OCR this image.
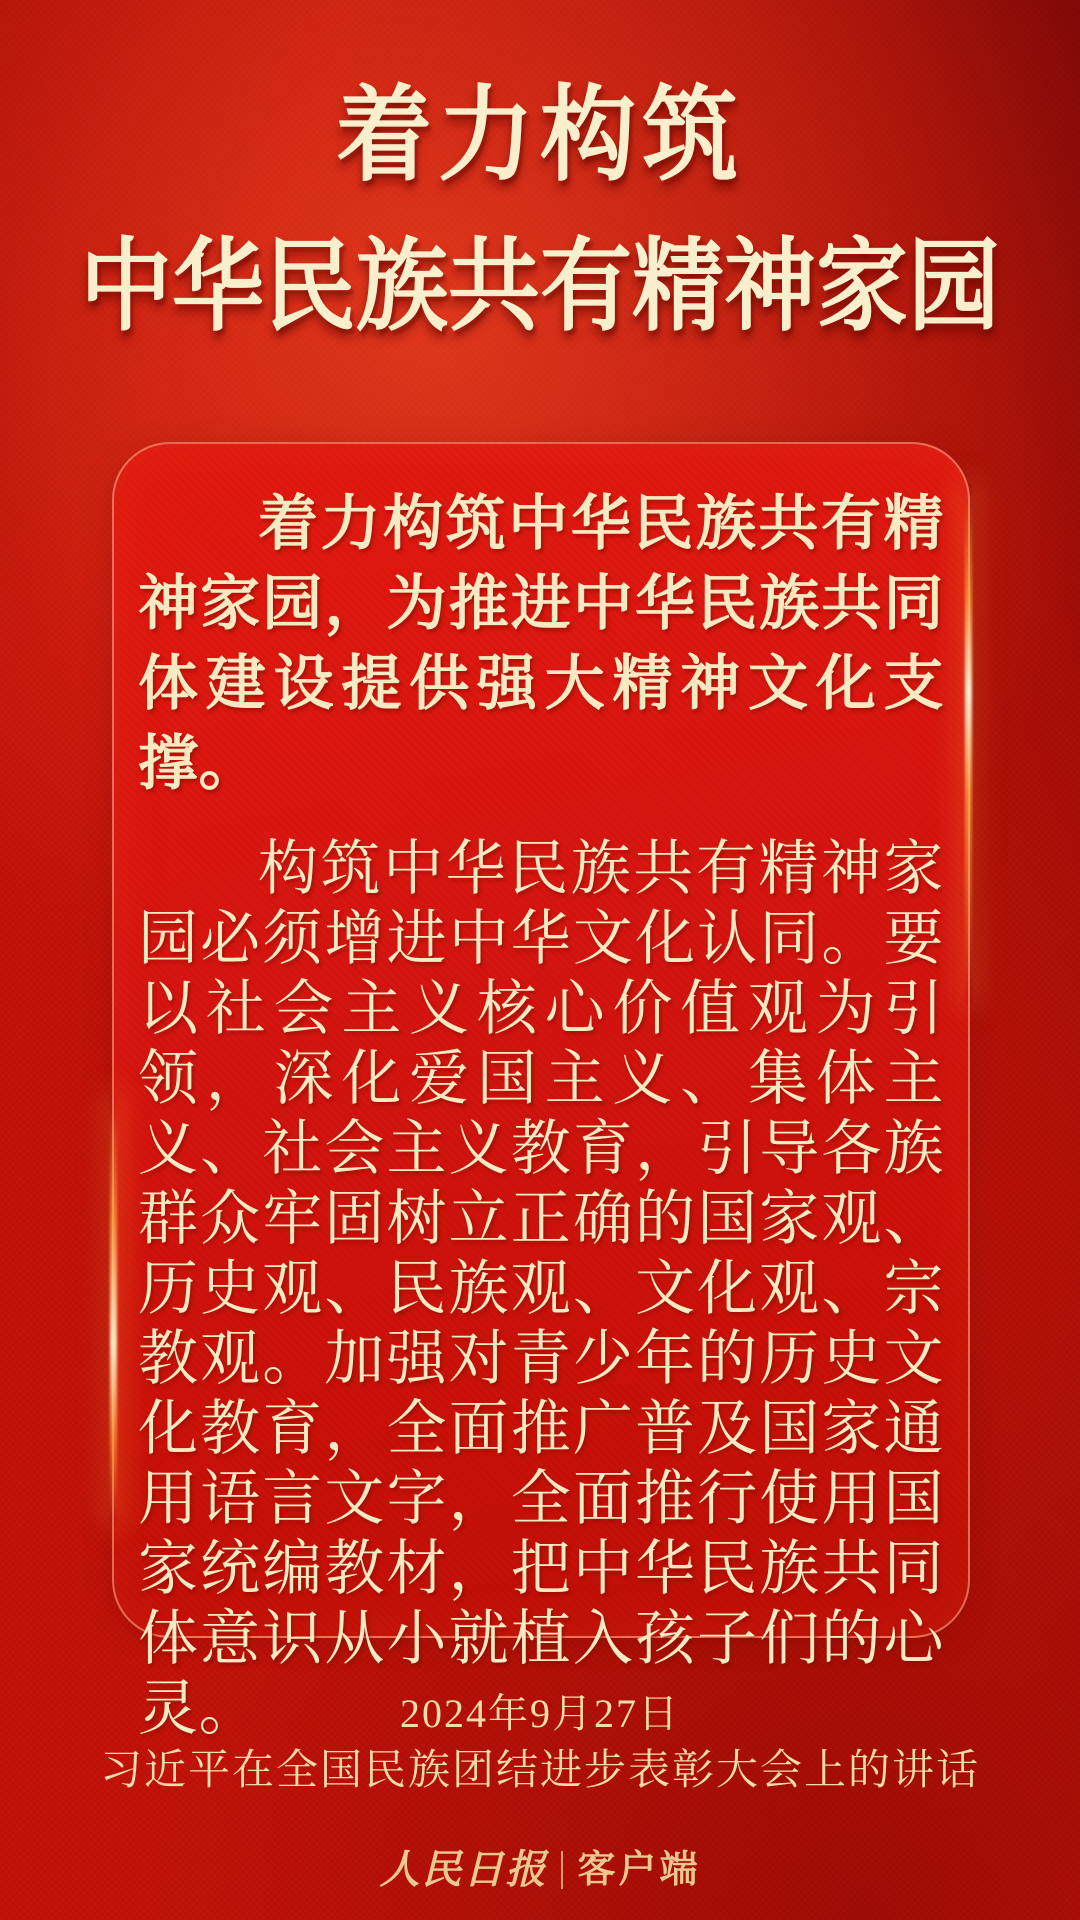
着力构筑
中华民族共有精神家园

着力构筑中华民族共有精神家园，为推进中华民族共同体建设提供强大精神文化支撑。

构筑中华民族共有精神家园必须增进中华文化认同。要以社会主义核心价值观为引领，深化爱国主义、集体主义、社会主义教育，引导各族群众牢固树立正确的国家观、历史观、民族观、文化观、宗教观。加强对青少年的历史文化教育，全面推广普及国家通用语言文字，全面推行使用国家统编教材，把中华民族共同体意识从小就植入孩子们的心灵。	2024年9月27日
习近平在全国民族团结进步表彰大会上的讲话
人民日报 客户端
